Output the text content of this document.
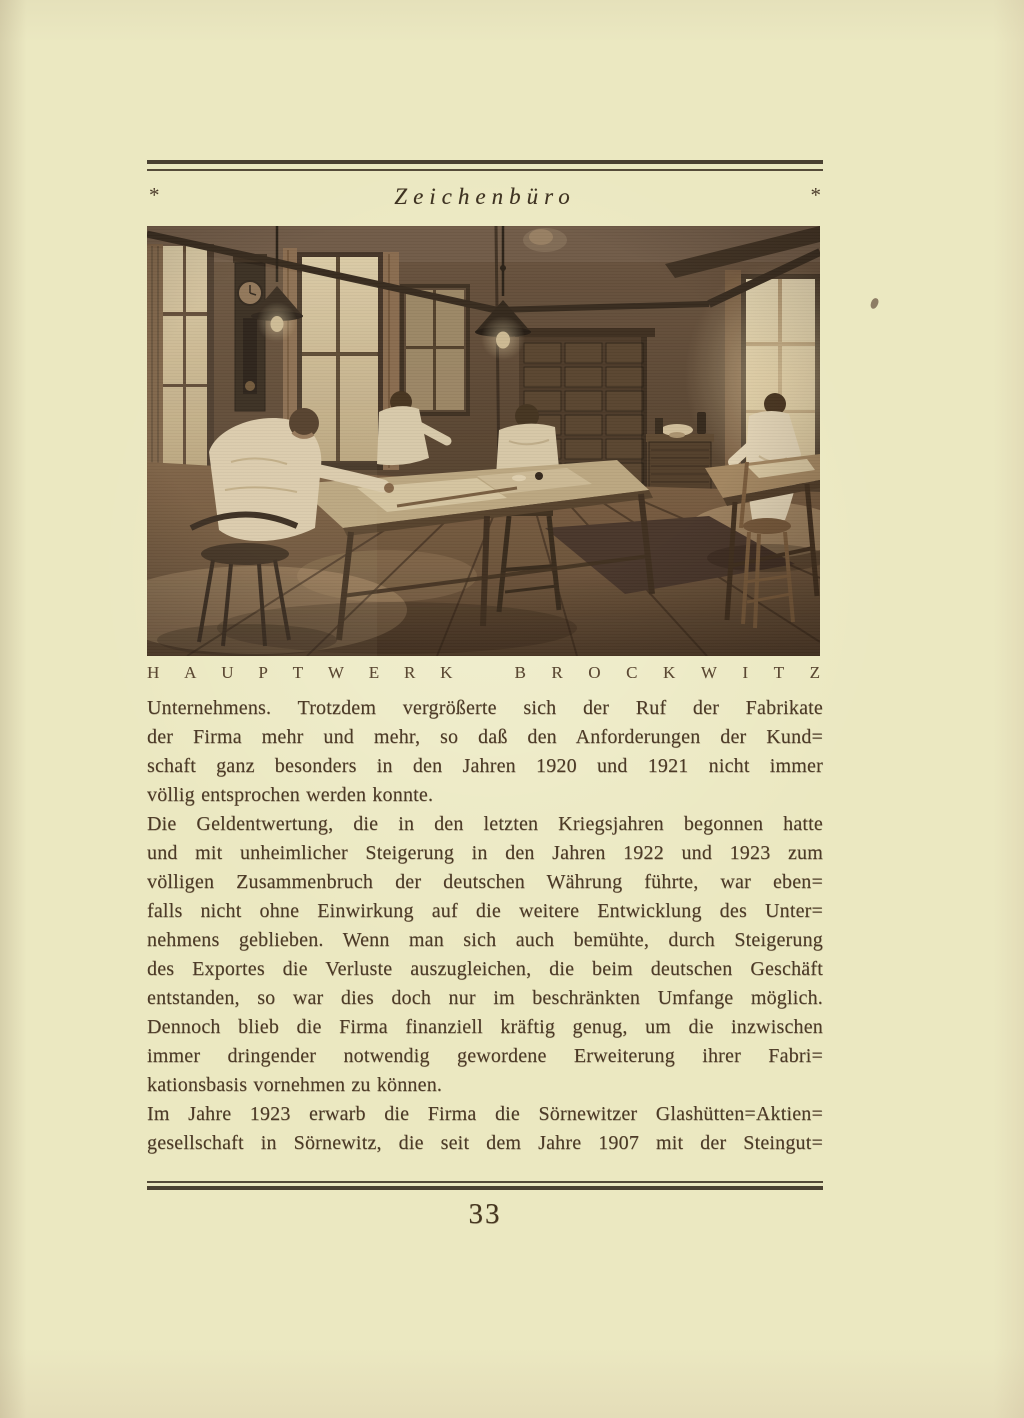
*	Zeichenbüro	*
H A U P T W E R K	B R O C K W I T Z
Unternehmens. Trotzdem vergrößerte sich der Ruf der Fabrikate
der Firma mehr und mehr, so daß den Anforderungen der Kund=
schaft ganz besonders in den Jahren 1920 und 1921 nicht immer
völlig entsprochen werden konnte.
Die Geldentwertung, die in den letzten Kriegsjahren begonnen hatte
und mit unheimlicher Steigerung in den Jahren 1922 und 1923 zum
völligen Zusammenbruch der deutschen Währung führte, war eben=
falls nicht ohne Einwirkung auf die weitere Entwicklung des Unter=
nehmens geblieben. Wenn man sich auch bemühte, durch Steigerung
des Exportes die Verluste auszugleichen, die beim deutschen Geschäft
entstanden, so war dies doch nur im beschränkten Umfange möglich.
Dennoch blieb die Firma finanziell kräftig genug, um die inzwischen
immer dringender notwendig gewordene Erweiterung ihrer Fabri=
kationsbasis vornehmen zu können.
Im Jahre 1923 erwarb die Firma die Sörnewitzer Glashütten=Aktien=
gesellschaft in Sörnewitz, die seit dem Jahre 1907 mit der Steingut=
33
